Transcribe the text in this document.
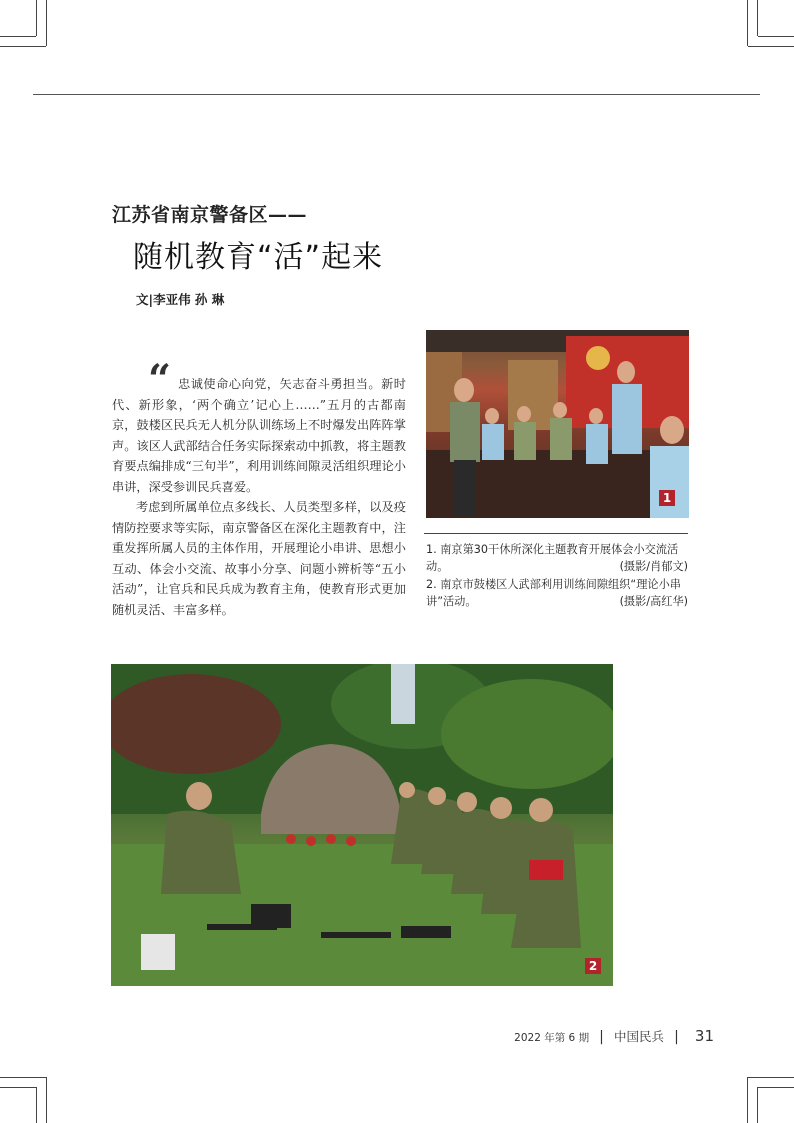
江苏省南京警备区——
随机教育“活”起来
文|李亚伟 孙 琳
“ 忠诚使命心向党，矢志奋斗勇担当。新时代、新形象，‘两个确立’记心上……”五月的古都南京，鼓楼区民兵无人机分队训练场上不时爆发出阵阵掌声。该区人武部结合任务实际探索动中抓教，将主题教育要点编排成“三句半”，利用训练间隙灵活组织理论小串讲，深受参训民兵喜爱。
考虑到所属单位点多线长、人员类型多样，以及疫情防控要求等实际，南京警备区在深化主题教育中，注重发挥所属人员的主体作用，开展理论小串讲、思想小互动、体会小交流、故事小分享、问题小辨析等“五小活动”，让官兵和民兵成为教育主角，使教育形式更加随机灵活、丰富多样。
1
1. 南京第30干休所深化主题教育开展体会小交流活动。	(摄影/肖郁文)
2. 南京市鼓楼区人武部利用训练间隙组织“理论小串讲”活动。	(摄影/高红华)
2
2022 年第 6 期 | 中国民兵 | 31
